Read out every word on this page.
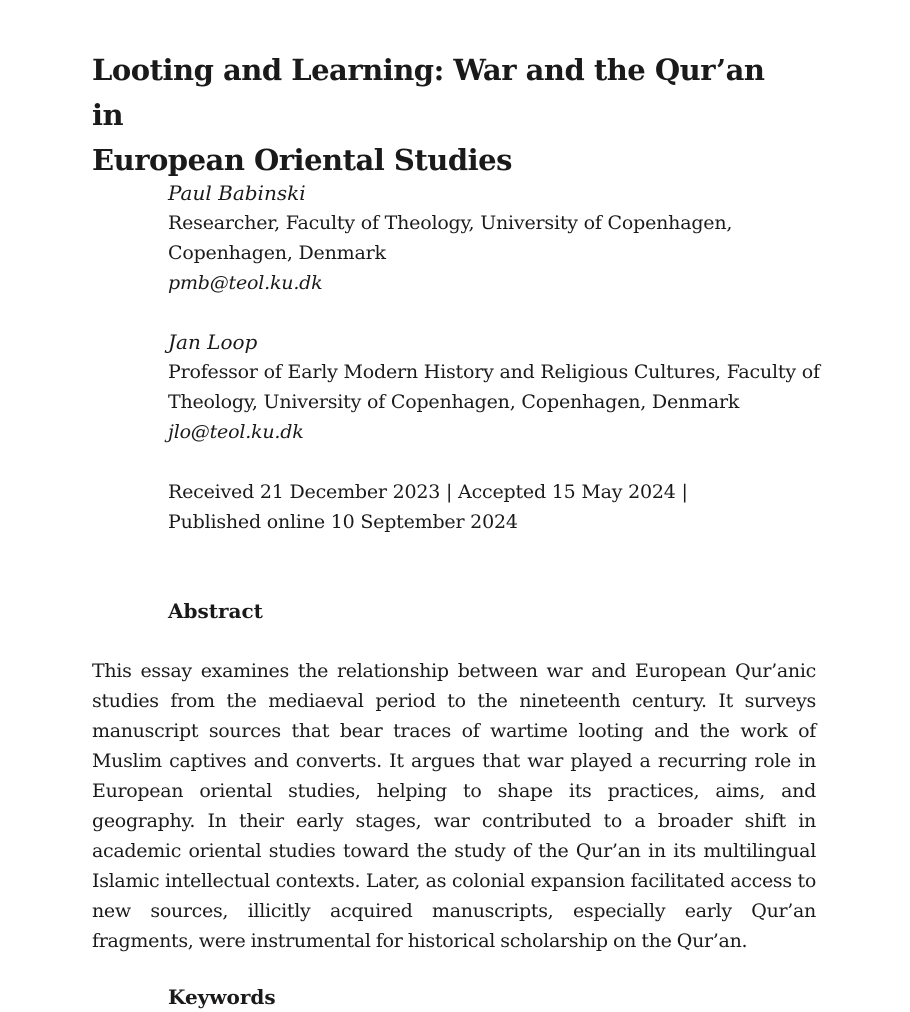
Looting and Learning: War and the Qur’an in
European Oriental Studies
Paul Babinski
Researcher, Faculty of Theology, University of Copenhagen,
Copenhagen, Denmark
pmb@teol.ku.dk
Jan Loop
Professor of Early Modern History and Religious Cultures, Faculty of
Theology, University of Copenhagen, Copenhagen, Denmark
jlo@teol.ku.dk
Received 21 December 2023 | Accepted 15 May 2024 |
Published online 10 September 2024
Abstract

This essay examines the relationship between war and European Qur’anic studies from the mediaeval period to the nineteenth century. It surveys manuscript sources that bear traces of wartime looting and the work of Muslim captives and converts. It argues that war played a recurring role in European oriental studies, helping to shape its practices, aims, and geography. In their early stages, war contributed to a broader shift in academic oriental studies toward the study of the Qur’an in its multilingual Islamic intellectual contexts. Later, as colonial expansion facilitated access to new sources, illicitly acquired manuscripts, especially early Qur’an fragments, were instrumental for historical scholarship on the Qur’an.

Keywords
